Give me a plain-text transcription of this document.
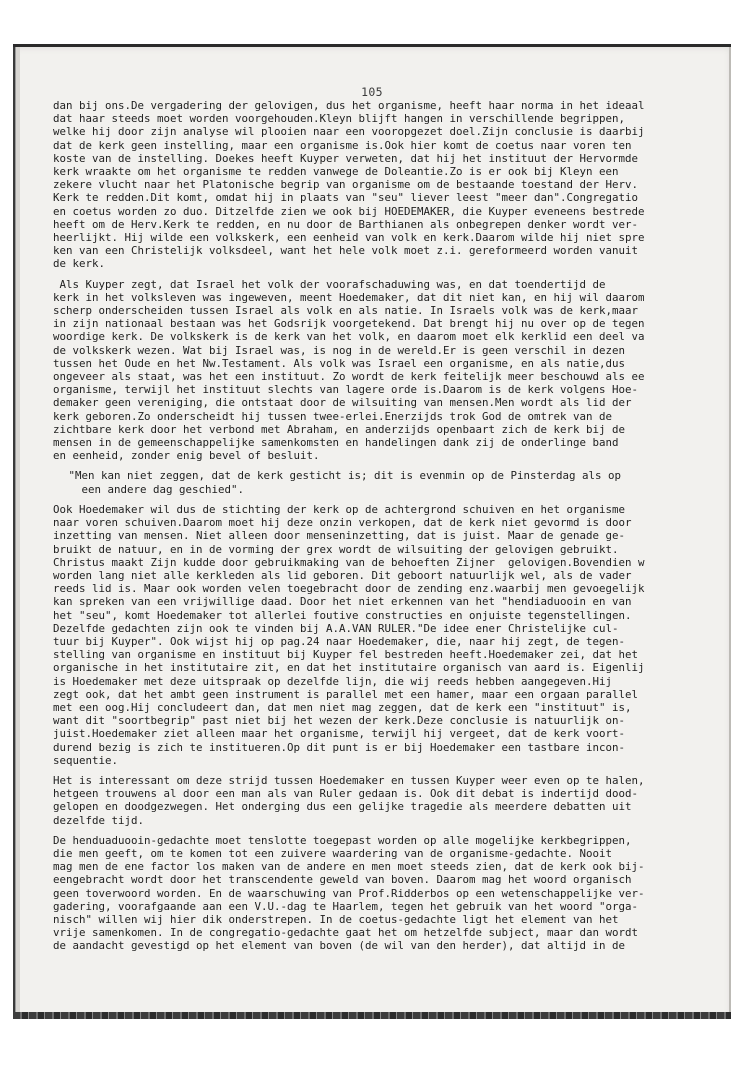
105
dan bij ons.De vergadering der gelovigen, dus het organisme, heeft haar norma in het ideaal
dat haar steeds moet worden voorgehouden.Kleyn blijft hangen in verschillende begrippen,
welke hij door zijn analyse wil plooien naar een vooropgezet doel.Zijn conclusie is daarbij
dat de kerk geen instelling, maar een organisme is.Ook hier komt de coetus naar voren ten
koste van de instelling. Doekes heeft Kuyper verweten, dat hij het instituut der Hervormde
kerk wraakte om het organisme te redden vanwege de Doleantie.Zo is er ook bij Kleyn een
zekere vlucht naar het Platonische begrip van organisme om de bestaande toestand der Herv.
Kerk te redden.Dit komt, omdat hij in plaats van "seu" liever leest "meer dan".Congregatio
en coetus worden zo duo. Ditzelfde zien we ook bij HOEDEMAKER, die Kuyper eveneens bestrede
heeft om de Herv.Kerk te redden, en nu door de Barthianen als onbegrepen denker wordt ver-
heerlijkt. Hij wilde een volkskerk, een eenheid van volk en kerk.Daarom wilde hij niet spre
ken van een Christelijk volksdeel, want het hele volk moet z.i. gereformeerd worden vanuit
de kerk.
Als Kuyper zegt, dat Israel het volk der voorafschaduwing was, en dat toendertijd de
kerk in het volksleven was ingeweven, meent Hoedemaker, dat dit niet kan, en hij wil daarom
scherp onderscheiden tussen Israel als volk en als natie. In Israels volk was de kerk,maar
in zijn nationaal bestaan was het Godsrijk voorgetekend. Dat brengt hij nu over op de tegen
woordige kerk. De volkskerk is de kerk van het volk, en daarom moet elk kerklid een deel va
de volkskerk wezen. Wat bij Israel was, is nog in de wereld.Er is geen verschil in dezen
tussen het Oude en het Nw.Testament. Als volk was Israel een organisme, en als natie,dus
ongeveer als staat, was het een instituut. Zo wordt de kerk feitelijk meer beschouwd als ee
organisme, terwijl het instituut slechts van lagere orde is.Daarom is de kerk volgens Hoe-
demaker geen vereniging, die ontstaat door de wilsuiting van mensen.Men wordt als lid der
kerk geboren.Zo onderscheidt hij tussen twee-erlei.Enerzijds trok God de omtrek van de
zichtbare kerk door het verbond met Abraham, en anderzijds openbaart zich de kerk bij de
mensen in de gemeenschappelijke samenkomsten en handelingen dank zij de onderlinge band
en eenheid, zonder enig bevel of besluit.
"Men kan niet zeggen, dat de kerk gesticht is; dit is evenmin op de Pinsterdag als op
een andere dag geschied".
Ook Hoedemaker wil dus de stichting der kerk op de achtergrond schuiven en het organisme
naar voren schuiven.Daarom moet hij deze onzin verkopen, dat de kerk niet gevormd is door
inzetting van mensen. Niet alleen door menseninzetting, dat is juist. Maar de genade ge-
bruikt de natuur, en in de vorming der grex wordt de wilsuiting der gelovigen gebruikt.
Christus maakt Zijn kudde door gebruikmaking van de behoeften Zijner  gelovigen.Bovendien w
worden lang niet alle kerkleden als lid geboren. Dit geboort natuurlijk wel, als de vader
reeds lid is. Maar ook worden velen toegebracht door de zending enz.waarbij men gevoegelijk
kan spreken van een vrijwillige daad. Door het niet erkennen van het "hendiaduooin en van
het "seu", komt Hoedemaker tot allerlei foutive constructies en onjuiste tegenstellingen.
Dezelfde gedachten zijn ook te vinden bij A.A.VAN RULER."De idee ener Christelijke cul-
tuur bij Kuyper". Ook wijst hij op pag.24 naar Hoedemaker, die, naar hij zegt, de tegen-
stelling van organisme en instituut bij Kuyper fel bestreden heeft.Hoedemaker zei, dat het
organische in het institutaire zit, en dat het institutaire organisch van aard is. Eigenlij
is Hoedemaker met deze uitspraak op dezelfde lijn, die wij reeds hebben aangegeven.Hij
zegt ook, dat het ambt geen instrument is parallel met een hamer, maar een orgaan parallel
met een oog.Hij concludeert dan, dat men niet mag zeggen, dat de kerk een "instituut" is,
want dit "soortbegrip" past niet bij het wezen der kerk.Deze conclusie is natuurlijk on-
juist.Hoedemaker ziet alleen maar het organisme, terwijl hij vergeet, dat de kerk voort-
durend bezig is zich te institueren.Op dit punt is er bij Hoedemaker een tastbare incon-
sequentie.
Het is interessant om deze strijd tussen Hoedemaker en tussen Kuyper weer even op te halen,
hetgeen trouwens al door een man als van Ruler gedaan is. Ook dit debat is indertijd dood-
gelopen en doodgezwegen. Het onderging dus een gelijke tragedie als meerdere debatten uit
dezelfde tijd.
De henduaduooin-gedachte moet tenslotte toegepast worden op alle mogelijke kerkbegrippen,
die men geeft, om te komen tot een zuivere waardering van de organisme-gedachte. Nooit
mag men de ene factor los maken van de andere en men moet steeds zien, dat de kerk ook bij-
eengebracht wordt door het transcendente geweld van boven. Daarom mag het woord organisch
geen toverwoord worden. En de waarschuwing van Prof.Ridderbos op een wetenschappelijke ver-
gadering, voorafgaande aan een V.U.-dag te Haarlem, tegen het gebruik van het woord "orga-
nisch" willen wij hier dik onderstrepen. In de coetus-gedachte ligt het element van het
vrije samenkomen. In de congregatio-gedachte gaat het om hetzelfde subject, maar dan wordt
de aandacht gevestigd op het element van boven (de wil van den herder), dat altijd in de
